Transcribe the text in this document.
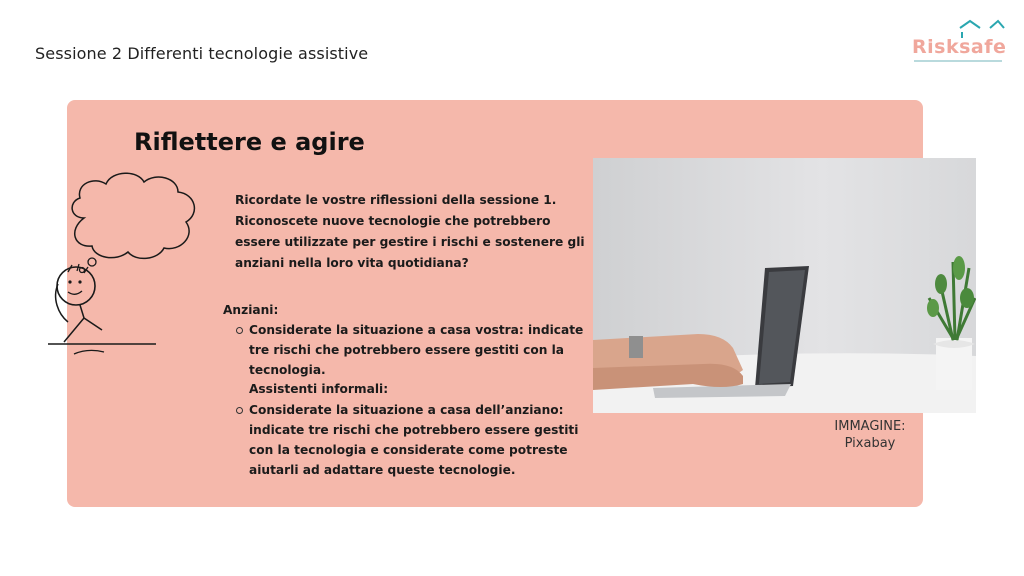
Sessione 2 Differenti tecnologie assistive	Risksafe
Riflettere e agire
Ricordate le vostre riflessioni della sessione 1. Riconoscete nuove tecnologie che potrebbero essere utilizzate per gestire i rischi e sostenere gli anziani nella loro vita quotidiana?
Anziani:
Considerate la situazione a casa vostra: indicate tre rischi che potrebbero essere gestiti con la tecnologia.
Assistenti informali:
Considerate la situazione a casa dell’anziano: indicate tre rischi che potrebbero essere gestiti con la tecnologia e considerate come potreste aiutarli ad adattare queste tecnologie.
IMMAGINE:
Pixabay
